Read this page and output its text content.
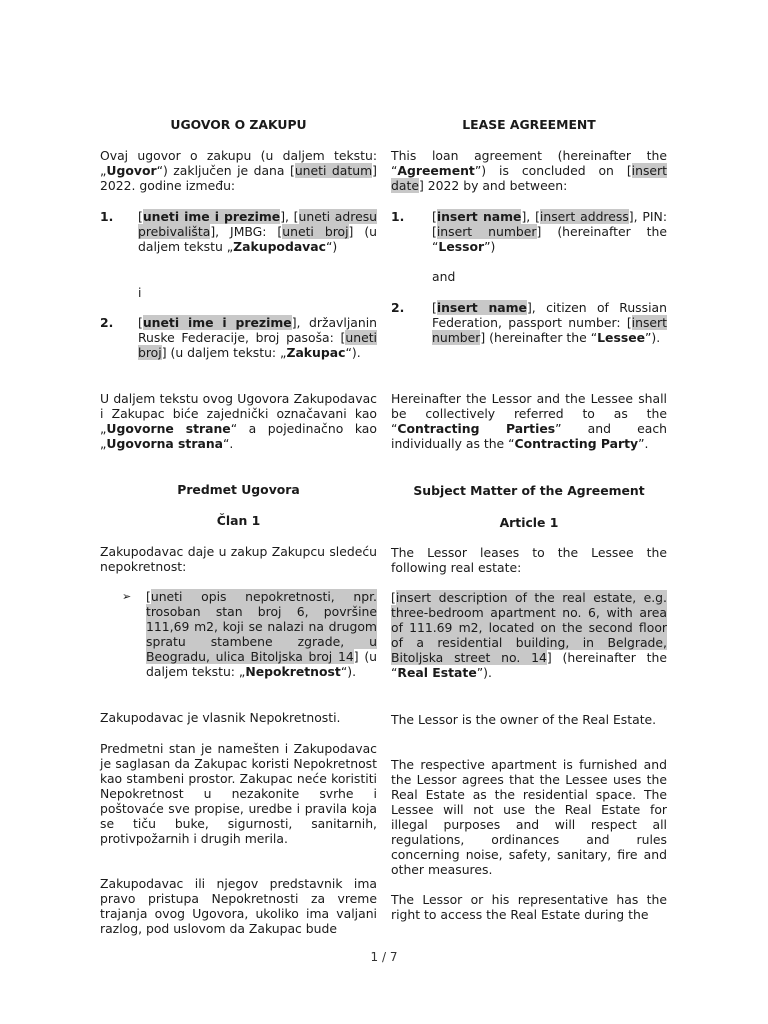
UGOVOR O ZAKUPU

Ovaj ugovor o zakupu (u daljem tekstu: „Ugovor“) zaključen je dana [uneti datum] 2022. godine između:

1. [uneti ime i prezime], [uneti adresu prebivališta], JMBG: [uneti broj] (u daljem tekstu „Zakupodavac“)

i

2. [uneti ime i prezime], državljanin Ruske Federacije, broj pasoša: [uneti broj] (u daljem tekstu: „Zakupac“).

U daljem tekstu ovog Ugovora Zakupodavac i Zakupac biće zajednički označavani kao „Ugovorne strane“ a pojedinačno kao „Ugovorna strana“.

Predmet Ugovora

Član 1

Zakupodavac daje u zakup Zakupcu sledeću nepokretnost:

➢ [uneti opis nepokretnosti, npr. trosoban stan broj 6, površine 111,69 m2, koji se nalazi na drugom spratu stambene zgrade, u Beogradu, ulica Bitoljska broj 14] (u daljem tekstu: „Nepokretnost“).

Zakupodavac je vlasnik Nepokretnosti.

Predmetni stan je namešten i Zakupodavac je saglasan da Zakupac koristi Nepokretnost kao stambeni prostor. Zakupac neće koristiti Nepokretnost u nezakonite svrhe i poštovaće sve propise, uredbe i pravila koja se tiču buke, sigurnosti, sanitarnih, protivpožarnih i drugih merila.

Zakupodavac ili njegov predstavnik ima pravo pristupa Nepokretnosti za vreme trajanja ovog Ugovora, ukoliko ima valjani razlog, pod uslovom da Zakupac bude

LEASE AGREEMENT

This loan agreement (hereinafter the “Agreement”) is concluded on [insert date] 2022 by and between:

1. [insert name], [insert address], PIN: [insert number] (hereinafter the “Lessor”)

and

2. [insert name], citizen of Russian Federation, passport number: [insert number] (hereinafter the “Lessee”).

Hereinafter the Lessor and the Lessee shall be collectively referred to as the “Contracting Parties” and each individually as the “Contracting Party”.

Subject Matter of the Agreement

Article 1

The Lessor leases to the Lessee the following real estate:

[insert description of the real estate, e.g. three-bedroom apartment no. 6, with area of 111.69 m2, located on the second floor of a residential building, in Belgrade, Bitoljska street no. 14] (hereinafter the “Real Estate”).

The Lessor is the owner of the Real Estate.

The respective apartment is furnished and the Lessor agrees that the Lessee uses the Real Estate as the residential space. The Lessee will not use the Real Estate for illegal purposes and will respect all regulations, ordinances and rules concerning noise, safety, sanitary, fire and other measures.

The Lessor or his representative has the right to access the Real Estate during the

1 / 7
